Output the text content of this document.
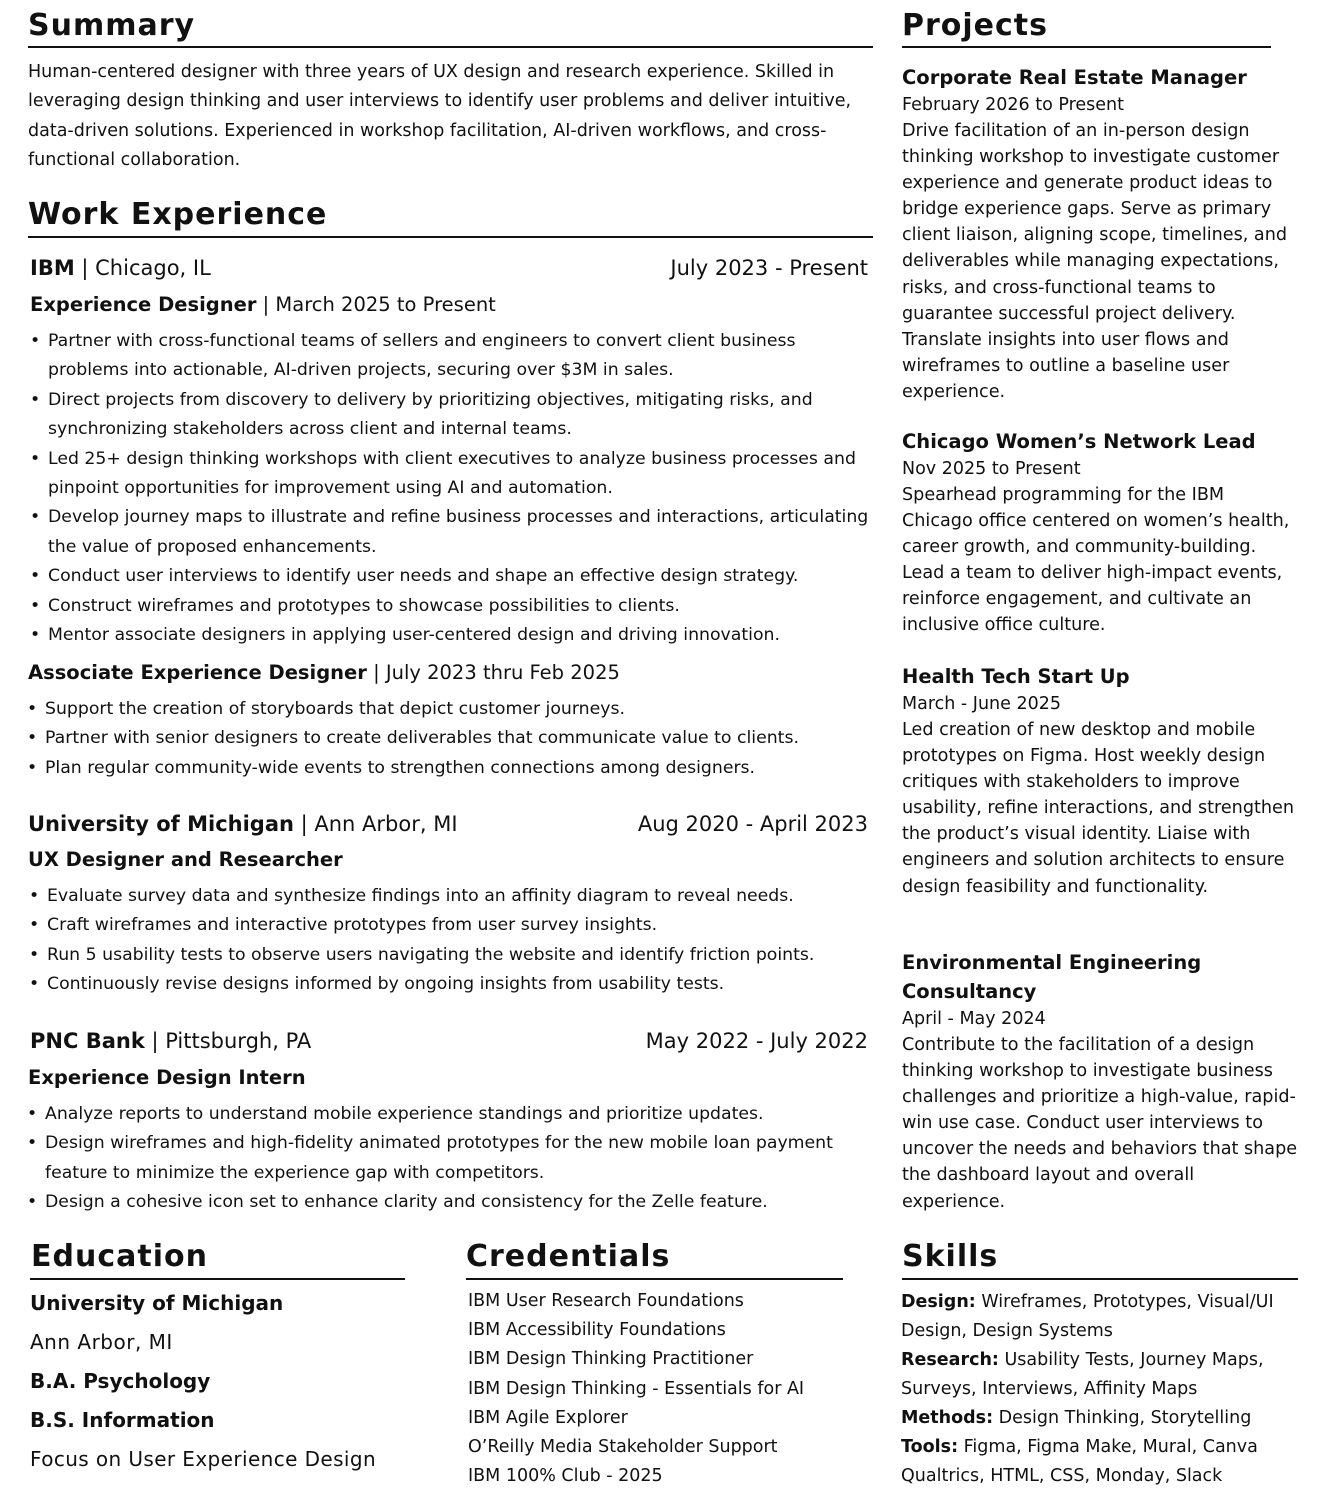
Summary

Human-centered designer with three years of UX design and research experience. Skilled in leveraging design thinking and user interviews to identify user problems and deliver intuitive, data-driven solutions. Experienced in workshop facilitation, AI-driven workflows, and cross-functional collaboration.

Work Experience
IBM | Chicago, IL	July 2023 - Present
Experience Designer | March 2025 to Present
• Partner with cross-functional teams of sellers and engineers to convert client business problems into actionable, AI-driven projects, securing over $3M in sales.
• Direct projects from discovery to delivery by prioritizing objectives, mitigating risks, and synchronizing stakeholders across client and internal teams.
• Led 25+ design thinking workshops with client executives to analyze business processes and pinpoint opportunities for improvement using AI and automation.
• Develop journey maps to illustrate and refine business processes and interactions, articulating the value of proposed enhancements.
• Conduct user interviews to identify user needs and shape an effective design strategy.
• Construct wireframes and prototypes to showcase possibilities to clients.
• Mentor associate designers in applying user-centered design and driving innovation.
Associate Experience Designer | July 2023 thru Feb 2025
• Support the creation of storyboards that depict customer journeys.
• Partner with senior designers to create deliverables that communicate value to clients.
• Plan regular community-wide events to strengthen connections among designers.
University of Michigan | Ann Arbor, MI	Aug 2020 - April 2023
UX Designer and Researcher
• Evaluate survey data and synthesize findings into an affinity diagram to reveal needs.
• Craft wireframes and interactive prototypes from user survey insights.
• Run 5 usability tests to observe users navigating the website and identify friction points.
• Continuously revise designs informed by ongoing insights from usability tests.
PNC Bank | Pittsburgh, PA	May 2022 - July 2022
Experience Design Intern
• Analyze reports to understand mobile experience standings and prioritize updates.
• Design wireframes and high-fidelity animated prototypes for the new mobile loan payment feature to minimize the experience gap with competitors.
• Design a cohesive icon set to enhance clarity and consistency for the Zelle feature.
Projects
Corporate Real Estate Manager
February 2026 to Present
Drive facilitation of an in-person design thinking workshop to investigate customer experience and generate product ideas to bridge experience gaps. Serve as primary client liaison, aligning scope, timelines, and deliverables while managing expectations, risks, and cross-functional teams to guarantee successful project delivery. Translate insights into user flows and wireframes to outline a baseline user experience.
Chicago Women’s Network Lead
Nov 2025 to Present
Spearhead programming for the IBM Chicago office centered on women’s health, career growth, and community-building. Lead a team to deliver high-impact events, reinforce engagement, and cultivate an inclusive office culture.
Health Tech Start Up
March - June 2025
Led creation of new desktop and mobile prototypes on Figma. Host weekly design critiques with stakeholders to improve usability, refine interactions, and strengthen the product’s visual identity. Liaise with engineers and solution architects to ensure design feasibility and functionality.
Environmental Engineering Consultancy
April - May 2024
Contribute to the facilitation of a design thinking workshop to investigate business challenges and prioritize a high-value, rapid-win use case. Conduct user interviews to uncover the needs and behaviors that shape the dashboard layout and overall experience.
Education
University of Michigan
Ann Arbor, MI
B.A. Psychology
B.S. Information
Focus on User Experience Design
Credentials
IBM User Research Foundations
IBM Accessibility Foundations
IBM Design Thinking Practitioner
IBM Design Thinking - Essentials for AI
IBM Agile Explorer
O’Reilly Media Stakeholder Support
IBM 100% Club - 2025
Skills
Design: Wireframes, Prototypes, Visual/UI Design, Design Systems
Research: Usability Tests, Journey Maps, Surveys, Interviews, Affinity Maps
Methods: Design Thinking, Storytelling
Tools: Figma, Figma Make, Mural, Canva Qualtrics, HTML, CSS, Monday, Slack
